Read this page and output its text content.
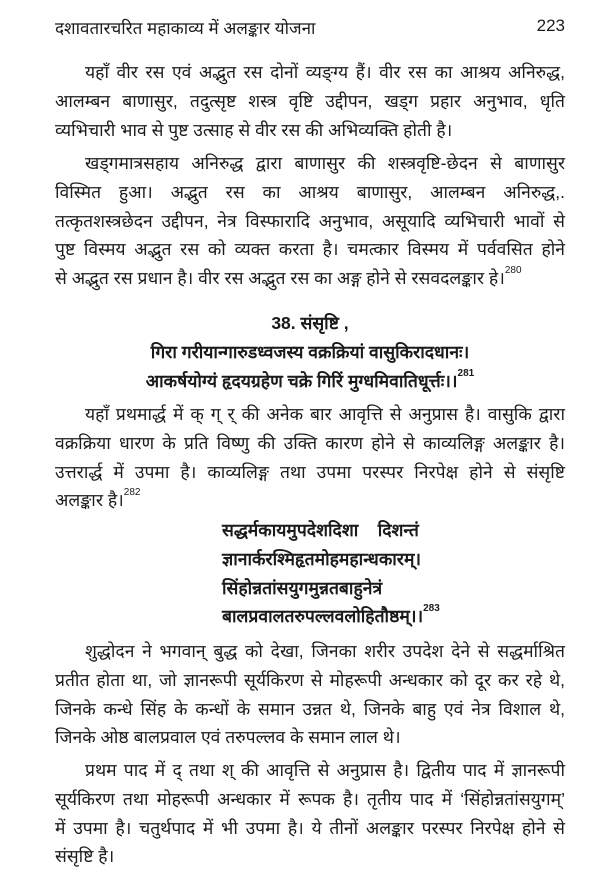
दशावतारचरित महाकाव्य में अलङ्कार योजना	223
यहाँ वीर रस एवं अद्भुत रस दोनों व्यङ्ग्य हैं। वीर रस का आश्रय अनिरुद्ध,
आलम्बन बाणासुर, तदुत्सृष्ट शस्त्र वृष्टि उद्दीपन, खड्ग प्रहार अनुभाव, धृति
व्यभिचारी भाव से पुष्ट उत्साह से वीर रस की अभिव्यक्ति होती है।
खड्गमात्रसहाय अनिरुद्ध द्वारा बाणासुर की शस्त्रवृष्टि-छेदन से बाणासुर
विस्मित हुआ। अद्भुत रस का आश्रय बाणासुर, आलम्बन अनिरुद्ध,.
तत्कृतशस्त्रछेदन उद्दीपन, नेत्र विस्फारादि अनुभाव, असूयादि व्यभिचारी भावों से
पुष्ट विस्मय अद्भुत रस को व्यक्त करता है। चमत्कार विस्मय में पर्ववसित होने
से अद्भुत रस प्रधान है। वीर रस अद्भुत रस का अङ्ग होने से रसवदलङ्कार हे।$^{280}$
38. संसृष्टि ,
गिरा गरीयान्गारुडध्वजस्य वक्रक्रियां वासुकिरादधानः।
आकर्षयोग्यं हृदयग्रहेण चक्रे गिरिं मुग्धमिवातिधूर्त्तः।।$^{281}$
यहाँ प्रथमार्द्ध में क् ग् र् की अनेक बार आवृत्ति से अनुप्रास है। वासुकि द्वारा
वक्रक्रिया धारण के प्रति विष्णु की उक्ति कारण होने से काव्यलिङ्ग अलङ्कार है।
उत्तरार्द्ध में उपमा है। काव्यलिङ्ग तथा उपमा परस्पर निरपेक्ष होने से संसृष्टि
अलङ्कार है।$^{282}$
सद्धर्मकायमुपदेशदिशा    दिशन्तं
ज्ञानार्करश्मिहृतमोहमहान्धकारम्।
सिंहोन्नतांसयुगमुन्नतबाहुनेत्रं
बालप्रवालतरुपल्लवलोहितौष्ठम्।।$^{283}$
शुद्धोदन ने भगवान् बुद्ध को देखा, जिनका शरीर उपदेश देने से सद्धर्माश्रित
प्रतीत होता था, जो ज्ञानरूपी सूर्यकिरण से मोहरूपी अन्धकार को दूर कर रहे थे,
जिनके कन्धे सिंह के कन्धों के समान उन्नत थे, जिनके बाहु एवं नेत्र विशाल थे,
जिनके ओष्ठ बालप्रवाल एवं तरुपल्लव के समान लाल थे।
प्रथम पाद में द् तथा श् की आवृत्ति से अनुप्रास है। द्वितीय पाद में ज्ञानरूपी
सूर्यकिरण तथा मोहरूपी अन्धकार में रूपक है। तृतीय पाद में ‘सिंहोन्नतांसयुगम्’
में उपमा है। चतुर्थपाद में भी उपमा है। ये तीनों अलङ्कार परस्पर निरपेक्ष होने से
संसृष्टि है।
